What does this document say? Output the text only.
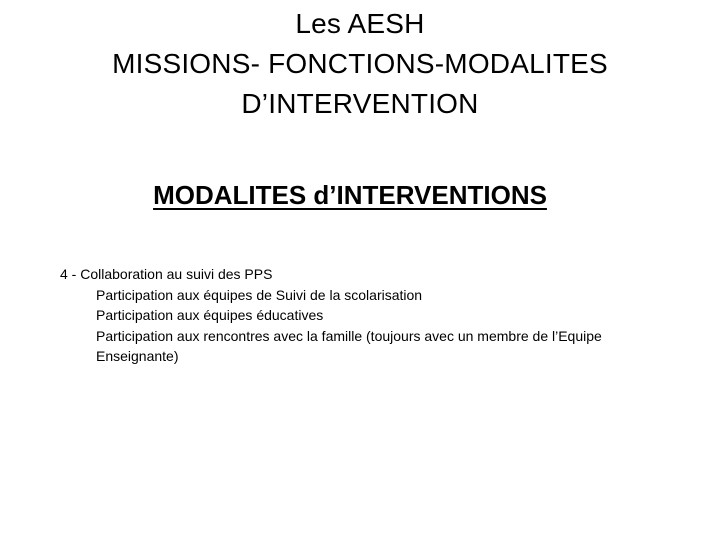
Les AESH
MISSIONS- FONCTIONS-MODALITES
D’INTERVENTION
MODALITES d’INTERVENTIONS
4 - Collaboration au suivi des PPS
Participation aux équipes de Suivi de la scolarisation
Participation aux équipes éducatives
Participation aux rencontres avec la famille (toujours avec un membre de l’Equipe Enseignante)
